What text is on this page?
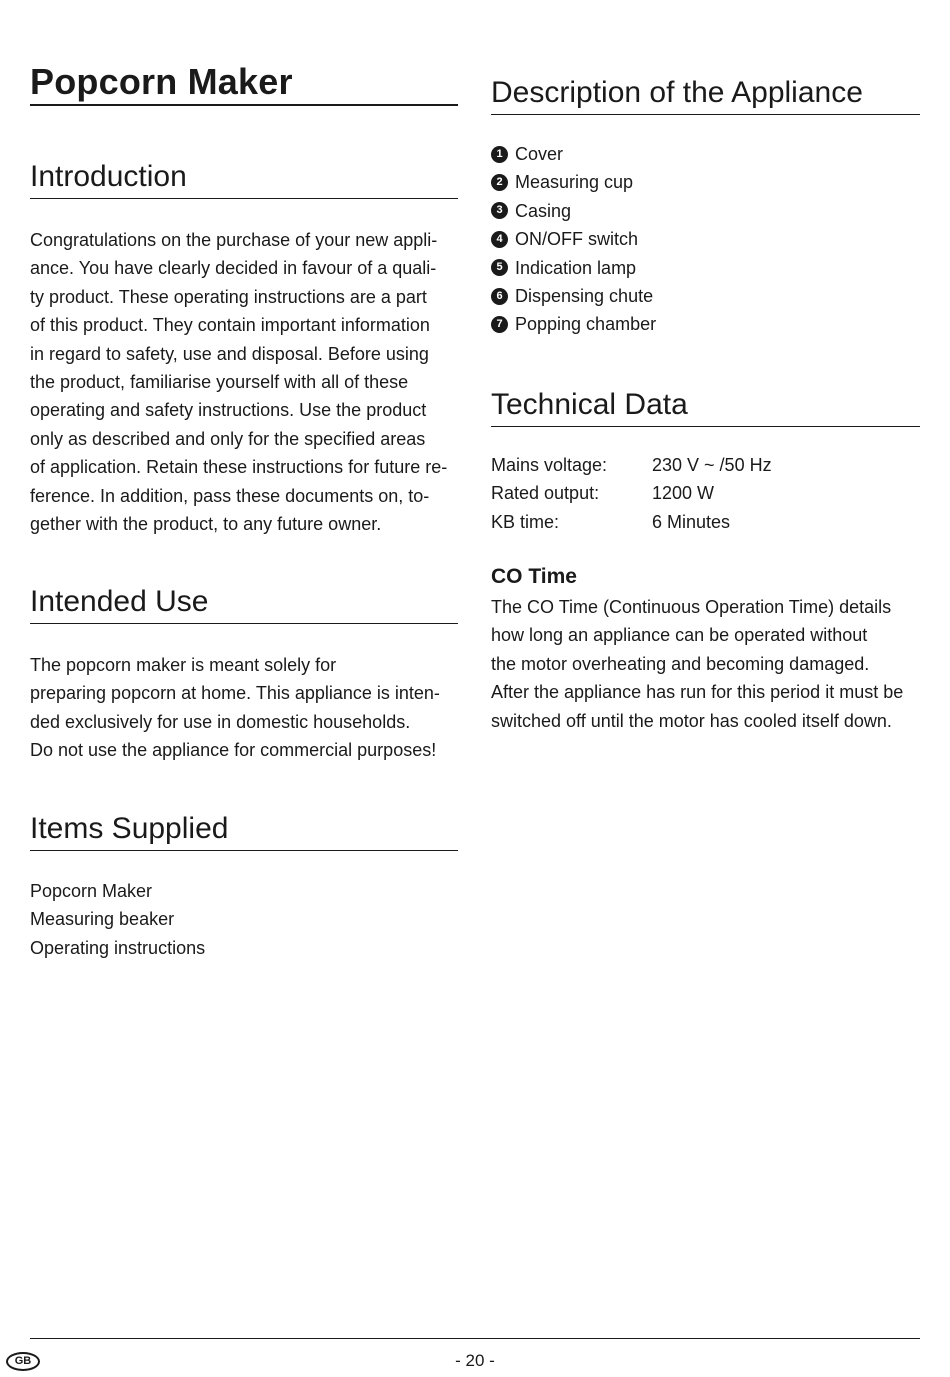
Popcorn Maker
Introduction
Congratulations on the purchase of your new appli-
ance. You have clearly decided in favour of a quali-
ty product. These operating instructions are a part
of this product. They contain important information
in regard to safety, use and disposal. Before using
the product, familiarise yourself with all of these
operating and safety instructions. Use the product
only as described and only for the specified areas
of application. Retain these instructions for future re-
ference. In addition, pass these documents on, to-
gether with the product, to any future owner.
Intended Use
The popcorn maker is meant solely for
preparing popcorn at home. This appliance is inten-
ded exclusively for use in domestic households.
Do not use the appliance for commercial purposes!
Items Supplied
Popcorn Maker
Measuring beaker
Operating instructions
Description of the Appliance
1 Cover
2 Measuring cup
3 Casing
4 ON/OFF switch
5 Indication lamp
6 Dispensing chute
7 Popping chamber
Technical Data
Mains voltage:	230 V ~ /50 Hz
Rated output:	1200 W
KB time:	6 Minutes
CO Time
The CO Time (Continuous Operation Time) details
how long an appliance can be operated without
the motor overheating and becoming damaged.
After the appliance has run for this period it must be
switched off until the motor has cooled itself down.
GB	- 20 -
